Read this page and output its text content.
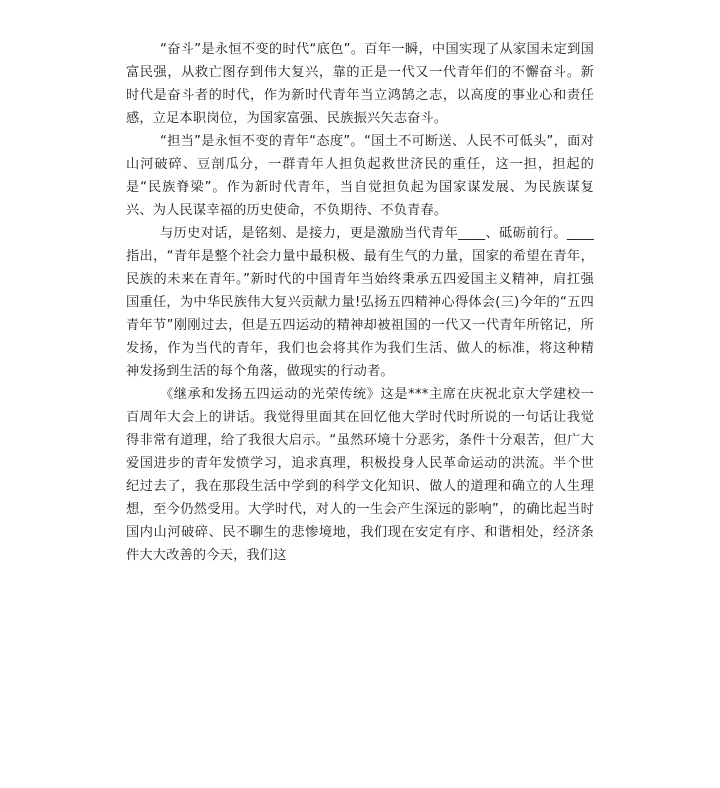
“奋斗”是永恒不变的时代“底色”。百年一瞬，中国实现了从家国未定到国富民强，从救亡图存到伟大复兴，靠的正是一代又一代青年们的不懈奋斗。新时代是奋斗者的时代，作为新时代青年当立鸿鹄之志，以高度的事业心和责任感，立足本职岗位，为国家富强、民族振兴矢志奋斗。

“担当”是永恒不变的青年“态度”。“国土不可断送、人民不可低头”，面对山河破碎、豆剖瓜分，一群青年人担负起救世济民的重任，这一担，担起的是“民族脊梁”。作为新时代青年，当自觉担负起为国家谋发展、为民族谋复兴、为人民谋幸福的历史使命，不负期待、不负青春。

与历史对话，是铭刻、是接力，更是激励当代青年____、砥砺前行。____指出，“青年是整个社会力量中最积极、最有生气的力量，国家的希望在青年，民族的未来在青年。”新时代的中国青年当始终秉承五四爱国主义精神，肩扛强国重任，为中华民族伟大复兴贡献力量!弘扬五四精神心得体会(三)今年的“五四青年节”刚刚过去，但是五四运动的精神却被祖国的一代又一代青年所铭记，所发扬，作为当代的青年，我们也会将其作为我们生活、做人的标准，将这种精神发扬到生活的每个角落，做现实的行动者。

《继承和发扬五四运动的光荣传统》这是***主席在庆祝北京大学建校一百周年大会上的讲话。我觉得里面其在回忆他大学时代时所说的一句话让我觉得非常有道理，给了我很大启示。“虽然环境十分恶劣，条件十分艰苦，但广大爱国进步的青年发愤学习，追求真理，积极投身人民革命运动的洪流。半个世纪过去了，我在那段生活中学到的科学文化知识、做人的道理和确立的人生理想，至今仍然受用。大学时代，对人的一生会产生深远的影响”，的确比起当时国内山河破碎、民不聊生的悲惨境地，我们现在安定有序、和谐相处，经济条件大大改善的今天，我们这
